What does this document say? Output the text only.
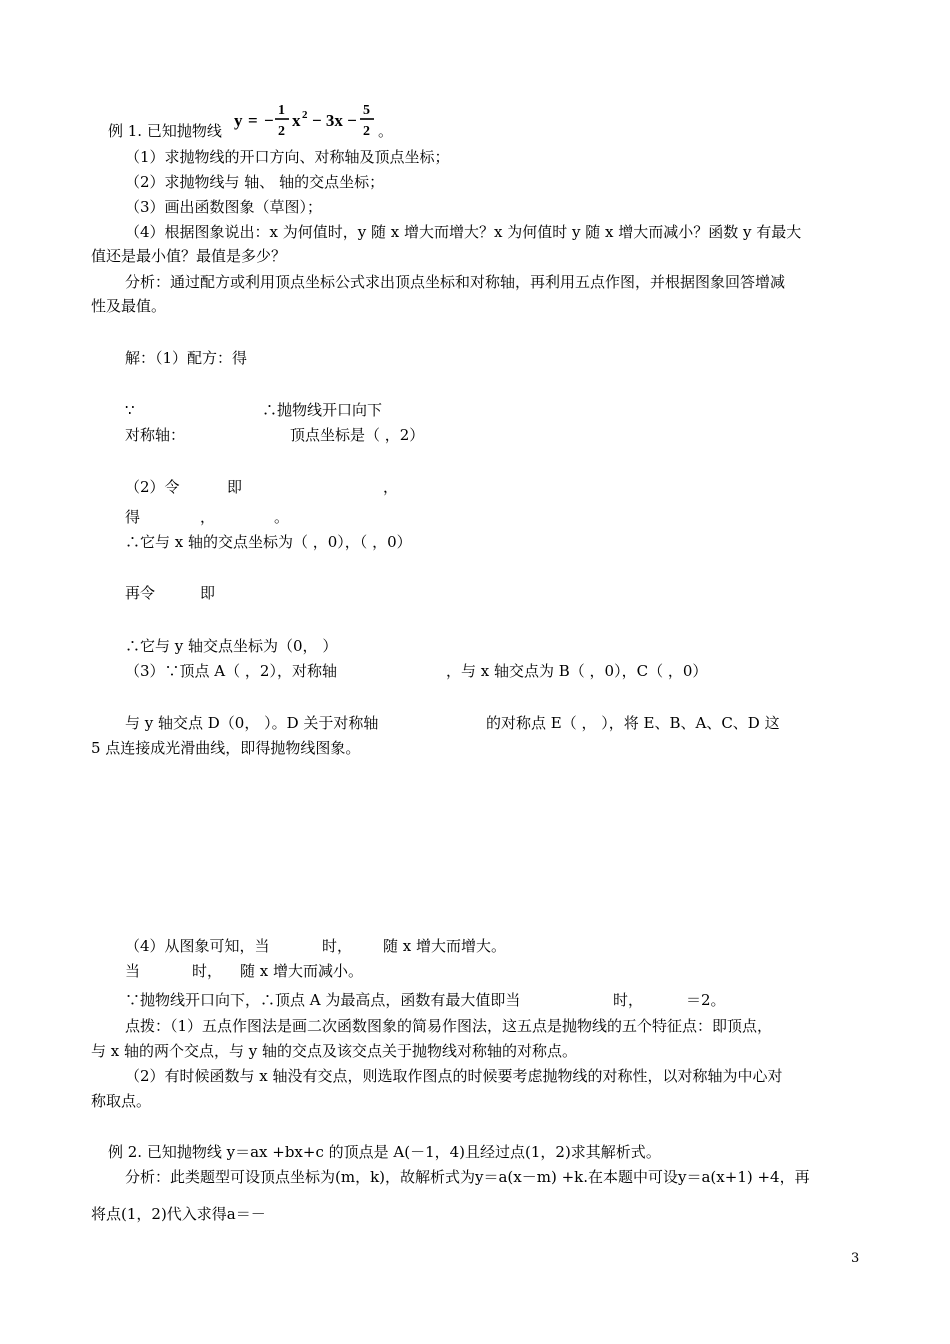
例 1. 已知抛物线
y = −
1
2
x 2 − 3x −
5
2 。
（1）求抛物线的开口方向、对称轴及顶点坐标；
（2）求抛物线与 轴、 轴的交点坐标；
（3）画出函数图象（草图）；
（4）根据图象说出：x 为何值时，y 随 x 增大而增大？x 为何值时 y 随 x 增大而减小？函数 y 有最大
值还是最小值？最值是多少？
分析：通过配方或利用顶点坐标公式求出顶点坐标和对称轴，再利用五点作图，并根据图象回答增减
性及最值。
解：（1）配方：得
∵	∴抛物线开口向下
对称轴：	顶点坐标是（ ，2）
（2）令	即	，
得	，	。
∴它与 x 轴的交点坐标为（ ，0），（ ，0）
再令	即
∴它与 y 轴交点坐标为（0， ）
（3）∵顶点 A（ ，2），对称轴	，与 x 轴交点为 B（ ，0），C（ ，0）
与 y 轴交点 D（0， ）。D 关于对称轴	的对称点 E（ ， ），将 E、B、A、C、D 这
5 点连接成光滑曲线，即得抛物线图象。
（4）从图象可知，当	时， 随 x 增大而增大。
当	时， 随 x 增大而减小。
∵抛物线开口向下，∴顶点 A 为最高点，函数有最大值即当	时，	＝2。
点拨：（1）五点作图法是画二次函数图象的简易作图法，这五点是抛物线的五个特征点：即顶点，
与 x 轴的两个交点，与 y 轴的交点及该交点关于抛物线对称轴的对称点。
（2）有时候函数与 x 轴没有交点，则选取作图点的时候要考虑抛物线的对称性，以对称轴为中心对
称取点。
例 2. 已知抛物线 y＝ax +bx+c 的顶点是 A(－1，4)且经过点(1，2)求其解析式。
分析：此类题型可设顶点坐标为(m，k)，故解析式为y＝a(x－m) +k.在本题中可设y＝a(x+1) +4，再
将点(1，2)代入求得a＝－
3
